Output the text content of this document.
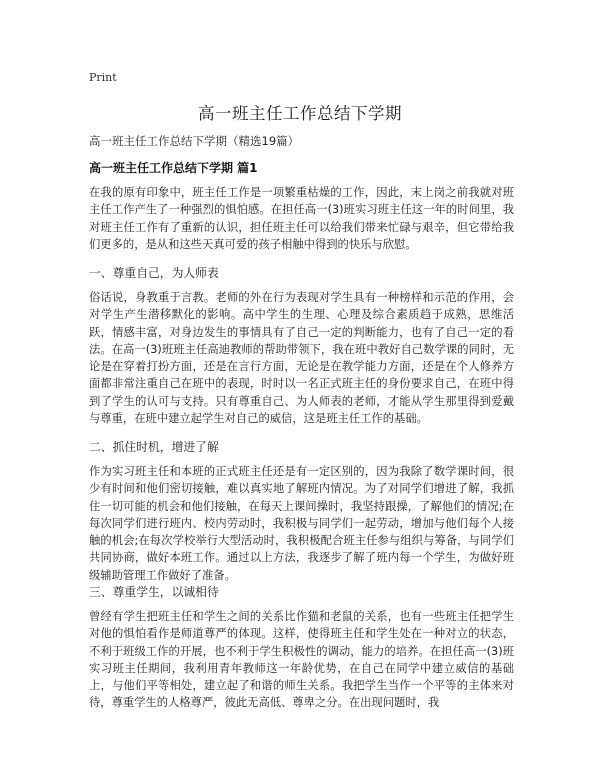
Print
高一班主任工作总结下学期
高一班主任工作总结下学期（精选19篇）
高一班主任工作总结下学期 篇1

在我的原有印象中，班主任工作是一项繁重枯燥的工作，因此，末上岗之前我就对班主任工作产生了一种强烈的惧怕感。在担任高一(3)班实习班主任这一年的时间里，我对班主任工作有了重新的认识，担任班主任可以给我们带来忙碌与艰辛，但它带给我们更多的，是从和这些天真可爱的孩子相触中得到的快乐与欣慰。

一、尊重自己，为人师表

俗话说，身教重于言教。老师的外在行为表现对学生具有一种榜样和示范的作用，会对学生产生潜移默化的影响。高中学生的生理、心理及综合素质趋于成熟，思维活跃，情感丰富，对身边发生的事情具有了自己一定的判断能力，也有了自己一定的看法。在高一(3)班班主任高迪教师的帮助带领下，我在班中教好自己数学课的同时，无论是在穿着打扮方面，还是在言行方面，无论是在教学能力方面，还是在个人修养方面都非常注重自己在班中的表现，时时以一名正式班主任的身份要求自己，在班中得到了学生的认可与支持。只有尊重自己、为人师表的老师，才能从学生那里得到爱戴与尊重，在班中建立起学生对自己的威信，这是班主任工作的基础。

二、抓住时机，增进了解

作为实习班主任和本班的正式班主任还是有一定区别的，因为我除了数学课时间，很少有时间和他们密切接触，难以真实地了解班内情况。为了对同学们增进了解，我抓住一切可能的机会和他们接触，在每天上课间操时，我坚持跟操，了解他们的情况;在每次同学们进行班内、校内劳动时，我积极与同学们一起劳动，增加与他们每个人接触的机会;在每次学校举行大型活动时，我积极配合班主任参与组织与筹备，与同学们共同协商，做好本班工作。通过以上方法，我逐步了解了班内每一个学生，为做好班级辅助管理工作做好了准备。

三、尊重学生，以诚相待

曾经有学生把班主任和学生之间的关系比作猫和老鼠的关系，也有一些班主任把学生对他的惧怕看作是师道尊严的体现。这样，使得班主任和学生处在一种对立的状态，不利于班级工作的开展，也不利于学生积极性的调动，能力的培养。在担任高一(3)班实习班主任期间，我利用青年教师这一年龄优势，在自己在同学中建立威信的基础上，与他们平等相处，建立起了和谐的师生关系。我把学生当作一个平等的主体来对待，尊重学生的人格尊严，彼此无高低、尊卑之分。在出现问题时，我
